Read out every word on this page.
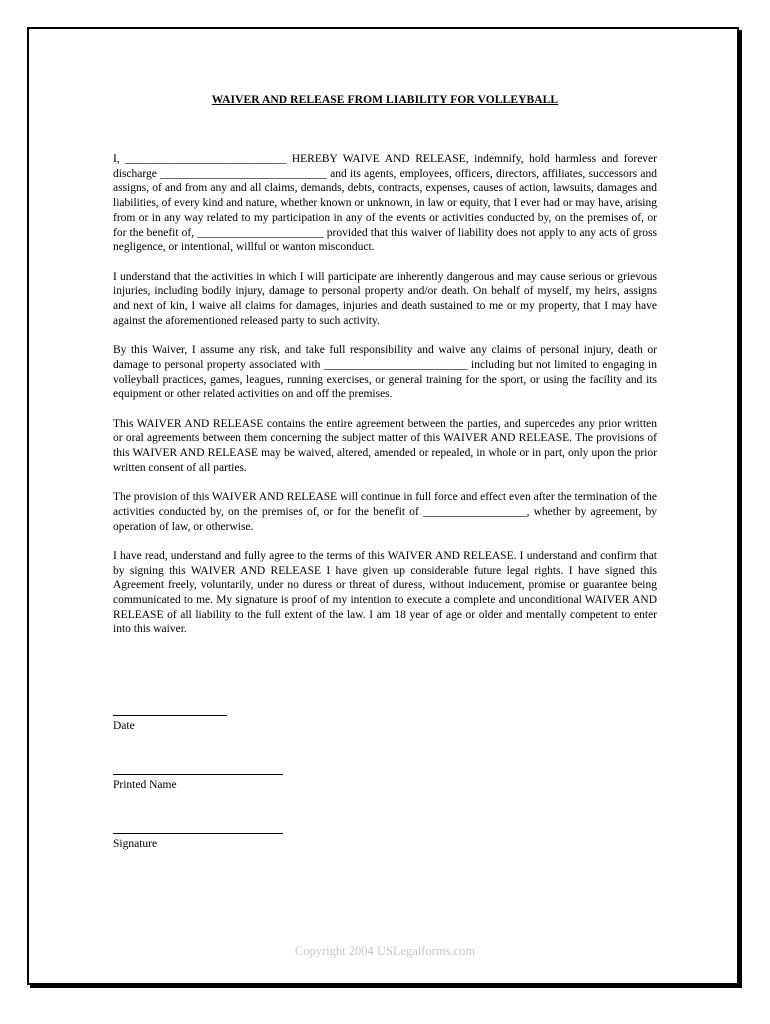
WAIVER AND RELEASE FROM LIABILITY FOR VOLLEYBALL

I, ____________________________ HEREBY WAIVE AND RELEASE, indemnify, hold harmless and forever discharge _____________________________ and its agents, employees, officers, directors, affiliates, successors and assigns, of and from any and all claims, demands, debts, contracts, expenses, causes of action, lawsuits, damages and liabilities, of every kind and nature, whether known or unknown, in law or equity, that I ever had or may have, arising from or in any way related to my participation in any of the events or activities conducted by, on the premises of, or for the benefit of, ______________________ provided that this waiver of liability does not apply to any acts of gross negligence, or intentional, willful or wanton misconduct.

I understand that the activities in which I will participate are inherently dangerous and may cause serious or grievous injuries, including bodily injury, damage to personal property and/or death. On behalf of myself, my heirs, assigns and next of kin, I waive all claims for damages, injuries and death sustained to me or my property, that I may have against the aforementioned released party to such activity.

By this Waiver, I assume any risk, and take full responsibility and waive any claims of personal injury, death or damage to personal property associated with _________________________ including but not limited to engaging in volleyball practices, games, leagues, running exercises, or general training for the sport, or using the facility and its equipment or other related activities on and off the premises.

This WAIVER AND RELEASE contains the entire agreement between the parties, and supercedes any prior written or oral agreements between them concerning the subject matter of this WAIVER AND RELEASE. The provisions of this WAIVER AND RELEASE may be waived, altered, amended or repealed, in whole or in part, only upon the prior written consent of all parties.

The provision of this WAIVER AND RELEASE will continue in full force and effect even after the termination of the activities conducted by, on the premises of, or for the benefit of __________________, whether by agreement, by operation of law, or otherwise.

I have read, understand and fully agree to the terms of this WAIVER AND RELEASE. I understand and confirm that by signing this WAIVER AND RELEASE I have given up considerable future legal rights. I have signed this Agreement freely, voluntarily, under no duress or threat of duress, without inducement, promise or guarantee being communicated to me. My signature is proof of my intention to execute a complete and unconditional WAIVER AND RELEASE of all liability to the full extent of the law. I am 18 year of age or older and mentally competent to enter into this waiver.

Date
Printed Name
Signature
Copyright 2004 USLegalforms.com
